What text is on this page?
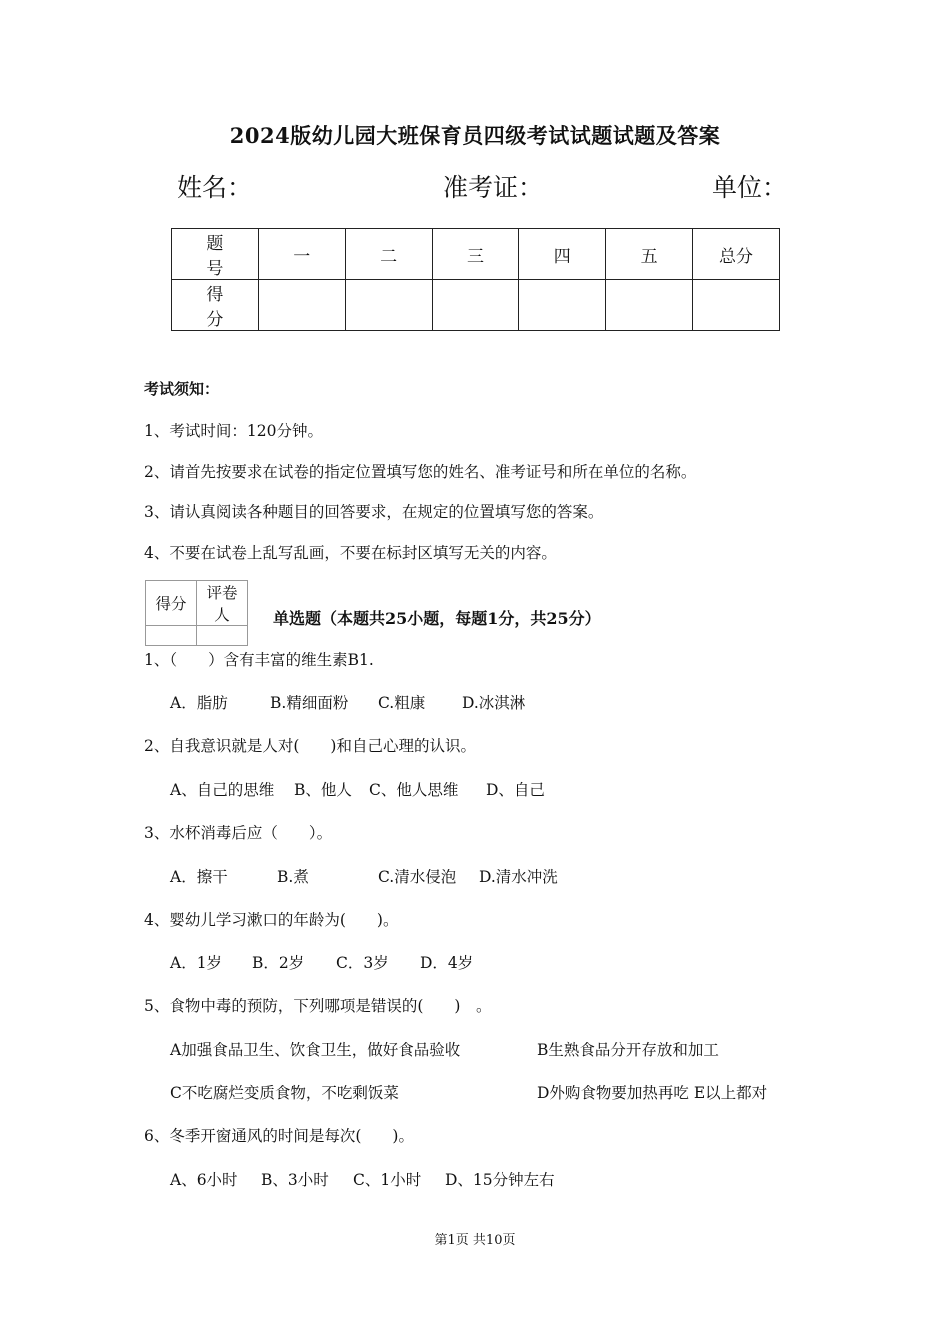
2024版幼儿园大班保育员四级考试试题试题及答案
姓名：	准考证：	单位：
题　号	一	二	三	四	五	总分
得　分						
考试须知：
1、考试时间：120分钟。
2、请首先按要求在试卷的指定位置填写您的姓名、准考证号和所在单位的名称。
3、请认真阅读各种题目的回答要求，在规定的位置填写您的答案。
4、不要在试卷上乱写乱画，不要在标封区填写无关的内容。
得分	评卷人
		单选题（本题共25小题，每题1分，共25分）
1、（　　）含有丰富的维生素B1.
A．脂肪	B.精细面粉 C.粗康 D.冰淇淋
2、自我意识就是人对(　　)和自己心理的认识。
A、自己的思维 B、他人 C、他人思维 D、自己
3、水杯消毒后应（　　）。
A．擦干	B.煮	C.清水侵泡 D.清水冲洗
4、婴幼儿学习漱口的年龄为(　　)。
A．1岁 B．2岁 C．3岁 D．4岁
5、食物中毒的预防，下列哪项是错误的(　　)　。
A加强食品卫生、饮食卫生，做好食品验收	B生熟食品分开存放和加工
C不吃腐烂变质食物，不吃剩饭菜	D外购食物要加热再吃 E以上都对
6、冬季开窗通风的时间是每次(　　)。
A、6小时 B、3小时 C、1小时 D、15分钟左右
第1页 共10页
